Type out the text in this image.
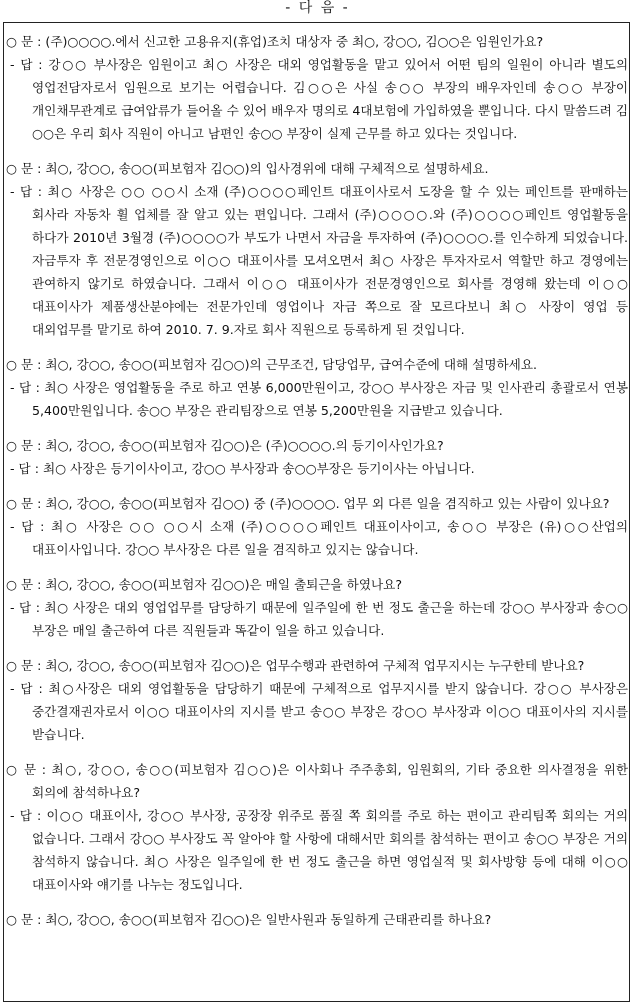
- 다 음 -
○ 문 : (주)○○○○.에서 신고한 고용유지(휴업)조치 대상자 중 최○, 강○○, 김○○은 임원인가요?
- 답 : 강○○ 부사장은 임원이고 최○ 사장은 대외 영업활동을 맡고 있어서 어떤 팀의 일원이 아니라 별도의 영업전담자로서 임원으로 보기는 어렵습니다. 김○○은 사실 송○○ 부장의 배우자인데 송○○ 부장이 개인채무관계로 급여압류가 들어올 수 있어 배우자 명의로 4대보험에 가입하였을 뿐입니다. 다시 말씀드려 김○○은 우리 회사 직원이 아니고 남편인 송○○ 부장이 실제 근무를 하고 있다는 것입니다.
○ 문 : 최○, 강○○, 송○○(피보험자 김○○)의 입사경위에 대해 구체적으로 설명하세요.
- 답 : 최○ 사장은 ○○ ○○시 소재 (주)○○○○페인트 대표이사로서 도장을 할 수 있는 페인트를 판매하는 회사라 자동차 휠 업체를 잘 알고 있는 편입니다. 그래서 (주)○○○○.와 (주)○○○○페인트 영업활동을 하다가 2010년 3월경 (주)○○○○가 부도가 나면서 자금을 투자하여 (주)○○○○.를 인수하게 되었습니다. 자금투자 후 전문경영인으로 이○○ 대표이사를 모셔오면서 최○ 사장은 투자자로서 역할만 하고 경영에는 관여하지 않기로 하였습니다. 그래서 이○○ 대표이사가 전문경영인으로 회사를 경영해 왔는데 이○○ 대표이사가 제품생산분야에는 전문가인데 영업이나 자금 쪽으로 잘 모르다보니 최○ 사장이 영업 등 대외업무를 맡기로 하여 2010. 7. 9.자로 회사 직원으로 등록하게 된 것입니다.
○ 문 : 최○, 강○○, 송○○(피보험자 김○○)의 근무조건, 담당업무, 급여수준에 대해 설명하세요.
- 답 : 최○ 사장은 영업활동을 주로 하고 연봉 6,000만원이고, 강○○ 부사장은 자금 및 인사관리 총괄로서 연봉 5,400만원입니다. 송○○ 부장은 관리팀장으로 연봉 5,200만원을 지급받고 있습니다.
○ 문 : 최○, 강○○, 송○○(피보험자 김○○)은 (주)○○○○.의 등기이사인가요?
- 답 : 최○ 사장은 등기이사이고, 강○○ 부사장과 송○○부장은 등기이사는 아닙니다.
○ 문 : 최○, 강○○, 송○○(피보험자 김○○) 중 (주)○○○○. 업무 외 다른 일을 겸직하고 있는 사람이 있나요?
- 답 : 최○ 사장은 ○○ ○○시 소재 (주)○○○○페인트 대표이사이고, 송○○ 부장은 (유)○○산업의 대표이사입니다. 강○○ 부사장은 다른 일을 겸직하고 있지는 않습니다.
○ 문 : 최○, 강○○, 송○○(피보험자 김○○)은 매일 출퇴근을 하였나요?
- 답 : 최○ 사장은 대외 영업업무를 담당하기 때문에 일주일에 한 번 정도 출근을 하는데 강○○ 부사장과 송○○ 부장은 매일 출근하여 다른 직원들과 똑같이 일을 하고 있습니다.
○ 문 : 최○, 강○○, 송○○(피보험자 김○○)은 업무수행과 관련하여 구체적 업무지시는 누구한테 받나요?
- 답 : 최○사장은 대외 영업활동을 담당하기 때문에 구체적으로 업무지시를 받지 않습니다. 강○○ 부사장은 중간결재권자로서 이○○ 대표이사의 지시를 받고 송○○ 부장은 강○○ 부사장과 이○○ 대표이사의 지시를 받습니다.
○ 문 : 최○, 강○○, 송○○(피보험자 김○○)은 이사회나 주주총회, 임원회의, 기타 중요한 의사결정을 위한 회의에 참석하나요?
- 답 : 이○○ 대표이사, 강○○ 부사장, 공장장 위주로 품질 쪽 회의를 주로 하는 편이고 관리팀쪽 회의는 거의 없습니다. 그래서 강○○ 부사장도 꼭 알아야 할 사항에 대해서만 회의를 참석하는 편이고 송○○ 부장은 거의 참석하지 않습니다. 최○ 사장은 일주일에 한 번 정도 출근을 하면 영업실적 및 회사방향 등에 대해 이○○ 대표이사와 얘기를 나누는 정도입니다.
○ 문 : 최○, 강○○, 송○○(피보험자 김○○)은 일반사원과 동일하게 근태관리를 하나요?
